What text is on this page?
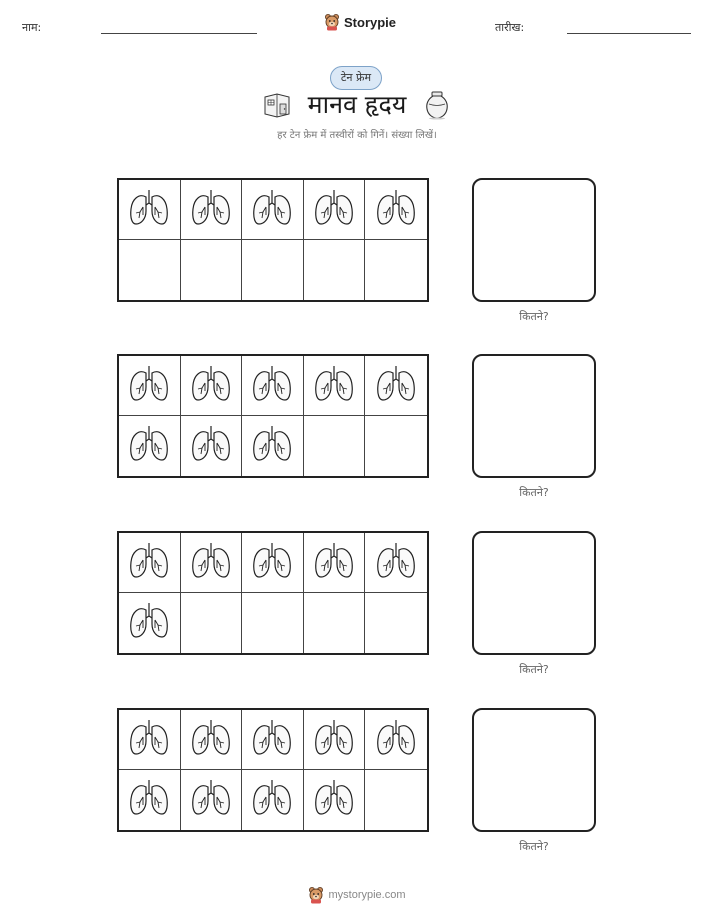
नाम:	Storypie	तारीख:
टेन फ्रेम
मानव हृदय
हर टेन फ्रेम में तस्वीरों को गिनें। संख्या लिखें।
कितने?
कितने?
कितने?
कितने?
mystorypie.com
